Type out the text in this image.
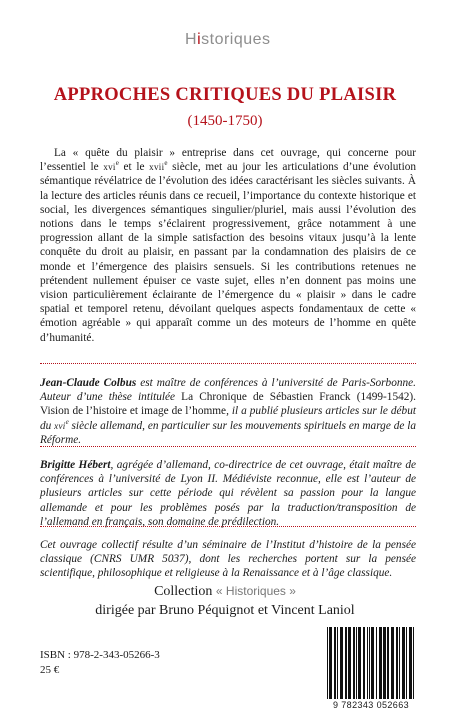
Historiques
APPROCHES CRITIQUES DU PLAISIR
(1450-1750)
La « quête du plaisir » entreprise dans cet ouvrage, qui concerne pour l’essentiel le xvi$^e$ et le xvii$^e$ siècle, met au jour les articulations d’une évolution sémantique révélatrice de l’évolution des idées caractérisant les siècles suivants. À la lecture des articles réunis dans ce recueil, l’importance du contexte historique et social, les divergences sémantiques singulier/pluriel, mais aussi l’évolution des notions dans le temps s’éclairent progressivement, grâce notamment à une progression allant de la simple satisfaction des besoins vitaux jusqu’à la lente conquête du droit au plaisir, en passant par la condamnation des plaisirs de ce monde et l’émergence des plaisirs sensuels. Si les contributions retenues ne prétendent nullement épuiser ce vaste sujet, elles n’en donnent pas moins une vision particulièrement éclairante de l’émergence du « plaisir » dans le cadre spatial et temporel retenu, dévoilant quelques aspects fondamentaux de cette « émotion agréable » qui apparaît comme un des moteurs de l’homme en quête d’humanité.
Jean-Claude Colbus est maître de conférences à l’université de Paris-Sorbonne. Auteur d’une thèse intitulée La Chronique de Sébastien Franck (1499-1542). Vision de l’histoire et image de l’homme, il a publié plusieurs articles sur le début du xvi$^e$ siècle allemand, en particulier sur les mouvements spirituels en marge de la Réforme.
Brigitte Hébert, agrégée d’allemand, co-directrice de cet ouvrage, était maître de conférences à l’université de Lyon II. Médiéviste reconnue, elle est l’auteur de plusieurs articles sur cette période qui révèlent sa passion pour la langue allemande et pour les problèmes posés par la traduction/transposition de l’allemand en français, son domaine de prédilection.
Cet ouvrage collectif résulte d’un séminaire de l’Institut d’histoire de la pensée classique (CNRS UMR 5037), dont les recherches portent sur la pensée scientifique, philosophique et religieuse à la Renaissance et à l’âge classique.
Collection « Historiques »
dirigée par Bruno Péquignot et Vincent Laniol
ISBN : 978-2-343-05266-3
25 €
9 782343 052663
